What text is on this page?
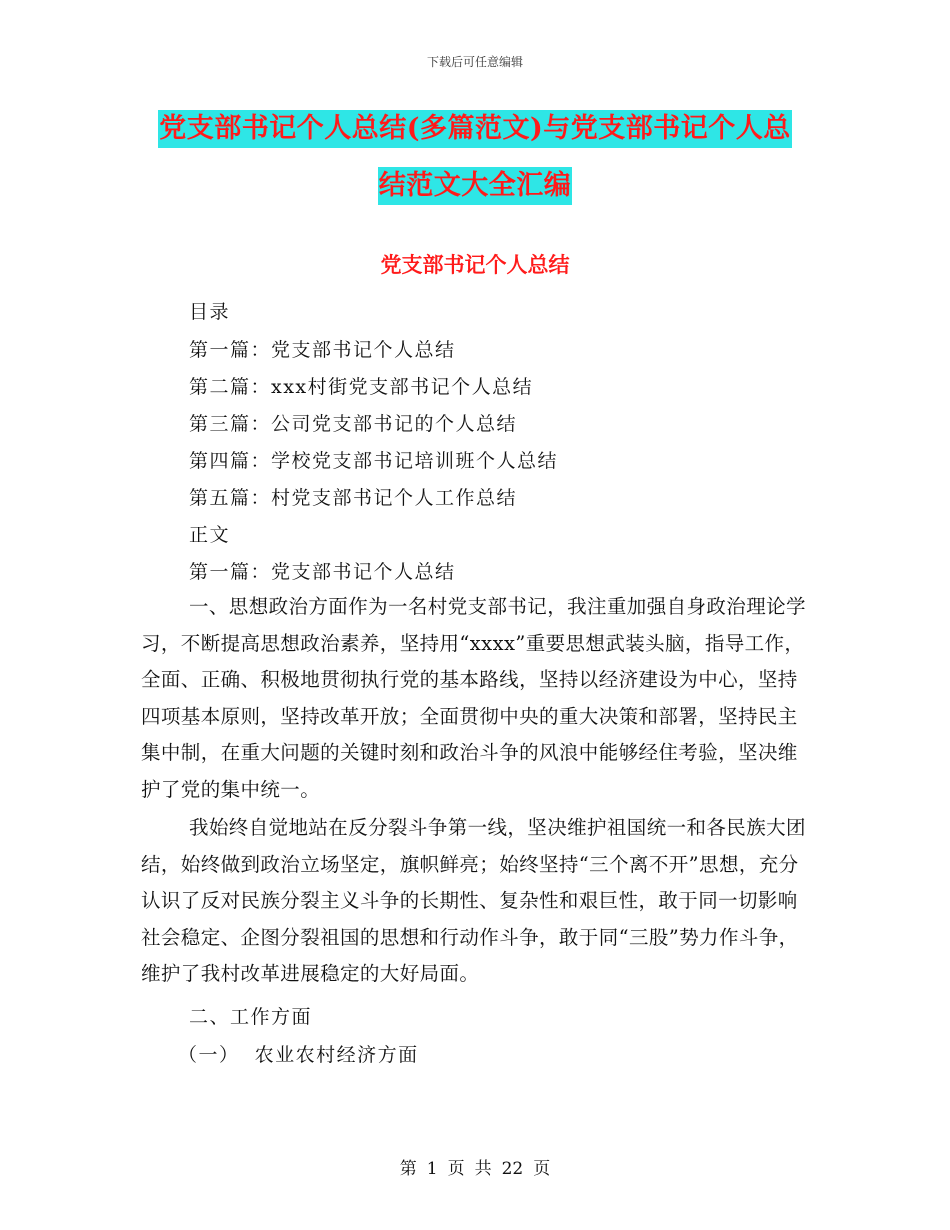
下载后可任意编辑
党支部书记个人总结(多篇范文)与党支部书记个人总
结范文大全汇编
党支部书记个人总结
目录
第一篇：党支部书记个人总结
第二篇：xxx村街党支部书记个人总结
第三篇：公司党支部书记的个人总结
第四篇：学校党支部书记培训班个人总结
第五篇：村党支部书记个人工作总结
正文
第一篇：党支部书记个人总结
一、思想政治方面作为一名村党支部书记，我注重加强自身政治理论学习，不断提高思想政治素养，坚持用“xxxx”重要思想武装头脑，指导工作，全面、正确、积极地贯彻执行党的基本路线，坚持以经济建设为中心，坚持四项基本原则，坚持改革开放；全面贯彻中央的重大决策和部署，坚持民主集中制，在重大问题的关键时刻和政治斗争的风浪中能够经住考验，坚决维护了党的集中统一。
我始终自觉地站在反分裂斗争第一线，坚决维护祖国统一和各民族大团结，始终做到政治立场坚定，旗帜鲜亮；始终坚持“三个离不开”思想，充分认识了反对民族分裂主义斗争的长期性、复杂性和艰巨性，敢于同一切影响社会稳定、企图分裂祖国的思想和行动作斗争，敢于同“三股”势力作斗争，维护了我村改革进展稳定的大好局面。
二、工作方面
（一）  农业农村经济方面
第 1 页 共 22 页
